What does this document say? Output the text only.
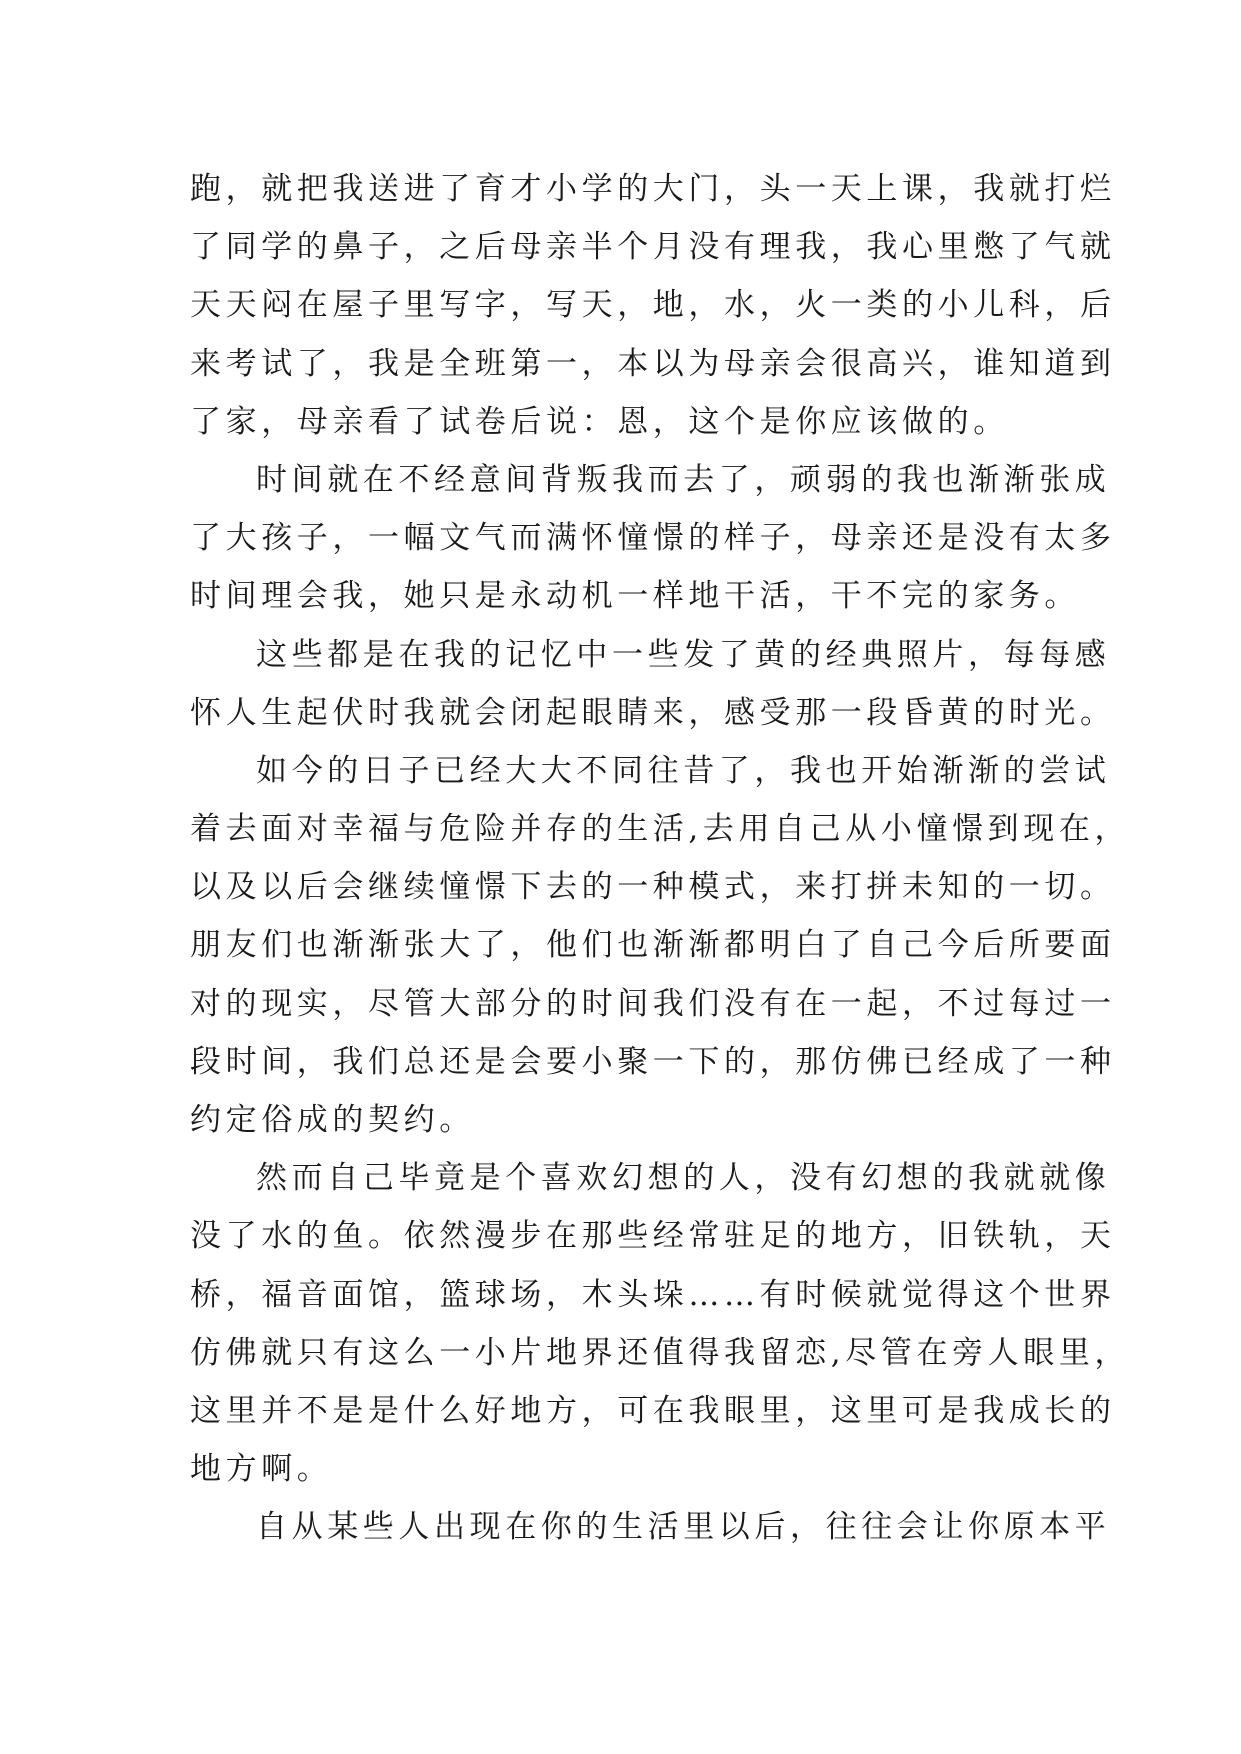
跑，就把我送进了育才小学的大门，头一天上课，我就打烂
了同学的鼻子，之后母亲半个月没有理我，我心里憋了气就
天天闷在屋子里写字，写天，地，水，火一类的小儿科，后
来考试了，我是全班第一，本以为母亲会很高兴，谁知道到
了家，母亲看了试卷后说：恩，这个是你应该做的。
时间就在不经意间背叛我而去了，顽弱的我也渐渐张成
了大孩子，一幅文气而满怀憧憬的样子，母亲还是没有太多
时间理会我，她只是永动机一样地干活，干不完的家务。
这些都是在我的记忆中一些发了黄的经典照片，每每感
怀人生起伏时我就会闭起眼睛来，感受那一段昏黄的时光。
如今的日子已经大大不同往昔了，我也开始渐渐的尝试
着去面对幸福与危险并存的生活,去用自己从小憧憬到现在，
以及以后会继续憧憬下去的一种模式，来打拼未知的一切。
朋友们也渐渐张大了，他们也渐渐都明白了自己今后所要面
对的现实，尽管大部分的时间我们没有在一起，不过每过一
段时间，我们总还是会要小聚一下的，那仿佛已经成了一种
约定俗成的契约。
然而自己毕竟是个喜欢幻想的人，没有幻想的我就就像
没了水的鱼。依然漫步在那些经常驻足的地方，旧铁轨，天
桥，福音面馆，篮球场，木头垛……有时候就觉得这个世界
仿佛就只有这么一小片地界还值得我留恋,尽管在旁人眼里，
这里并不是是什么好地方，可在我眼里，这里可是我成长的
地方啊。
自从某些人出现在你的生活里以后，往往会让你原本平
